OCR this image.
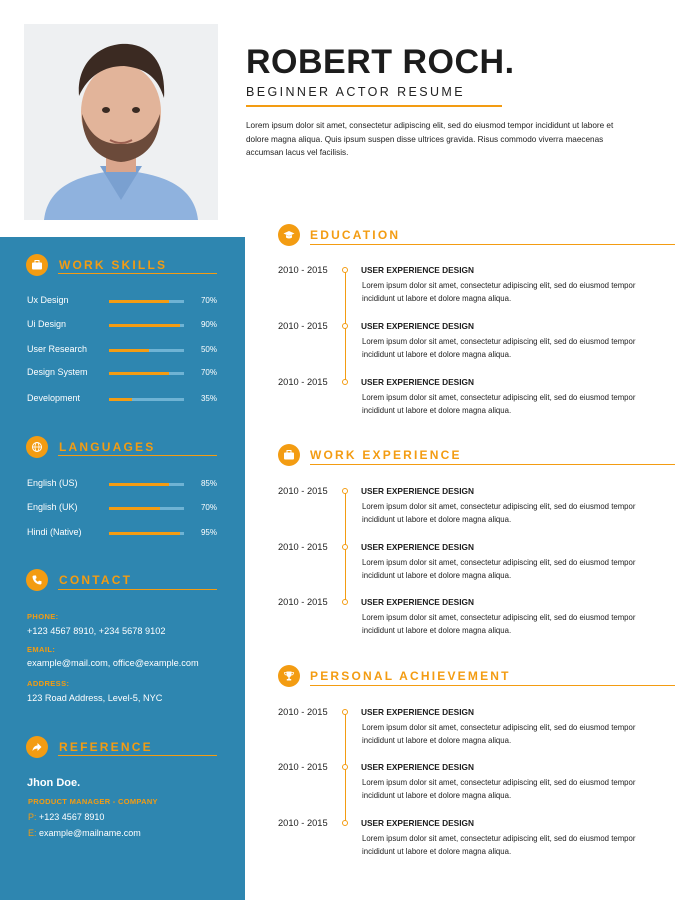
ROBERT ROCH.
BEGINNER ACTOR RESUME
Lorem ipsum dolor sit amet, consectetur adipiscing elit, sed do eiusmod tempor incididunt ut labore et dolore magna aliqua. Quis ipsum suspen disse ultrices gravida. Risus commodo viverra maecenas accumsan lacus vel facilisis.
WORK SKILLS
Ux Design	70%
Ui Design	90%
User Research	50%
Design System	70%
Development	35%
LANGUAGES
English (US)	85%
English (UK)	70%
Hindi (Native)	95%
CONTACT
PHONE:
+123 4567 8910, +234 5678 9102
EMAIL:
example@mail.com, office@example.com
ADDRESS:
123 Road Address, Level-5, NYC
REFERENCE
Jhon Doe.
PRODUCT MANAGER - COMPANY
P: +123 4567 8910
E: example@mailname.com
EDUCATION
2010 - 2015	USER EXPERIENCE DESIGN
Lorem ipsum dolor sit amet, consectetur adipiscing elit, sed do eiusmod tempor incididunt ut labore et dolore magna aliqua.
2010 - 2015	USER EXPERIENCE DESIGN
Lorem ipsum dolor sit amet, consectetur adipiscing elit, sed do eiusmod tempor incididunt ut labore et dolore magna aliqua.
2010 - 2015	USER EXPERIENCE DESIGN
Lorem ipsum dolor sit amet, consectetur adipiscing elit, sed do eiusmod tempor incididunt ut labore et dolore magna aliqua.
WORK EXPERIENCE
2010 - 2015	USER EXPERIENCE DESIGN
Lorem ipsum dolor sit amet, consectetur adipiscing elit, sed do eiusmod tempor incididunt ut labore et dolore magna aliqua.
2010 - 2015	USER EXPERIENCE DESIGN
Lorem ipsum dolor sit amet, consectetur adipiscing elit, sed do eiusmod tempor incididunt ut labore et dolore magna aliqua.
2010 - 2015	USER EXPERIENCE DESIGN
Lorem ipsum dolor sit amet, consectetur adipiscing elit, sed do eiusmod tempor incididunt ut labore et dolore magna aliqua.
PERSONAL ACHIEVEMENT
2010 - 2015	USER EXPERIENCE DESIGN
Lorem ipsum dolor sit amet, consectetur adipiscing elit, sed do eiusmod tempor incididunt ut labore et dolore magna aliqua.
2010 - 2015	USER EXPERIENCE DESIGN
Lorem ipsum dolor sit amet, consectetur adipiscing elit, sed do eiusmod tempor incididunt ut labore et dolore magna aliqua.
2010 - 2015	USER EXPERIENCE DESIGN
Lorem ipsum dolor sit amet, consectetur adipiscing elit, sed do eiusmod tempor incididunt ut labore et dolore magna aliqua.
